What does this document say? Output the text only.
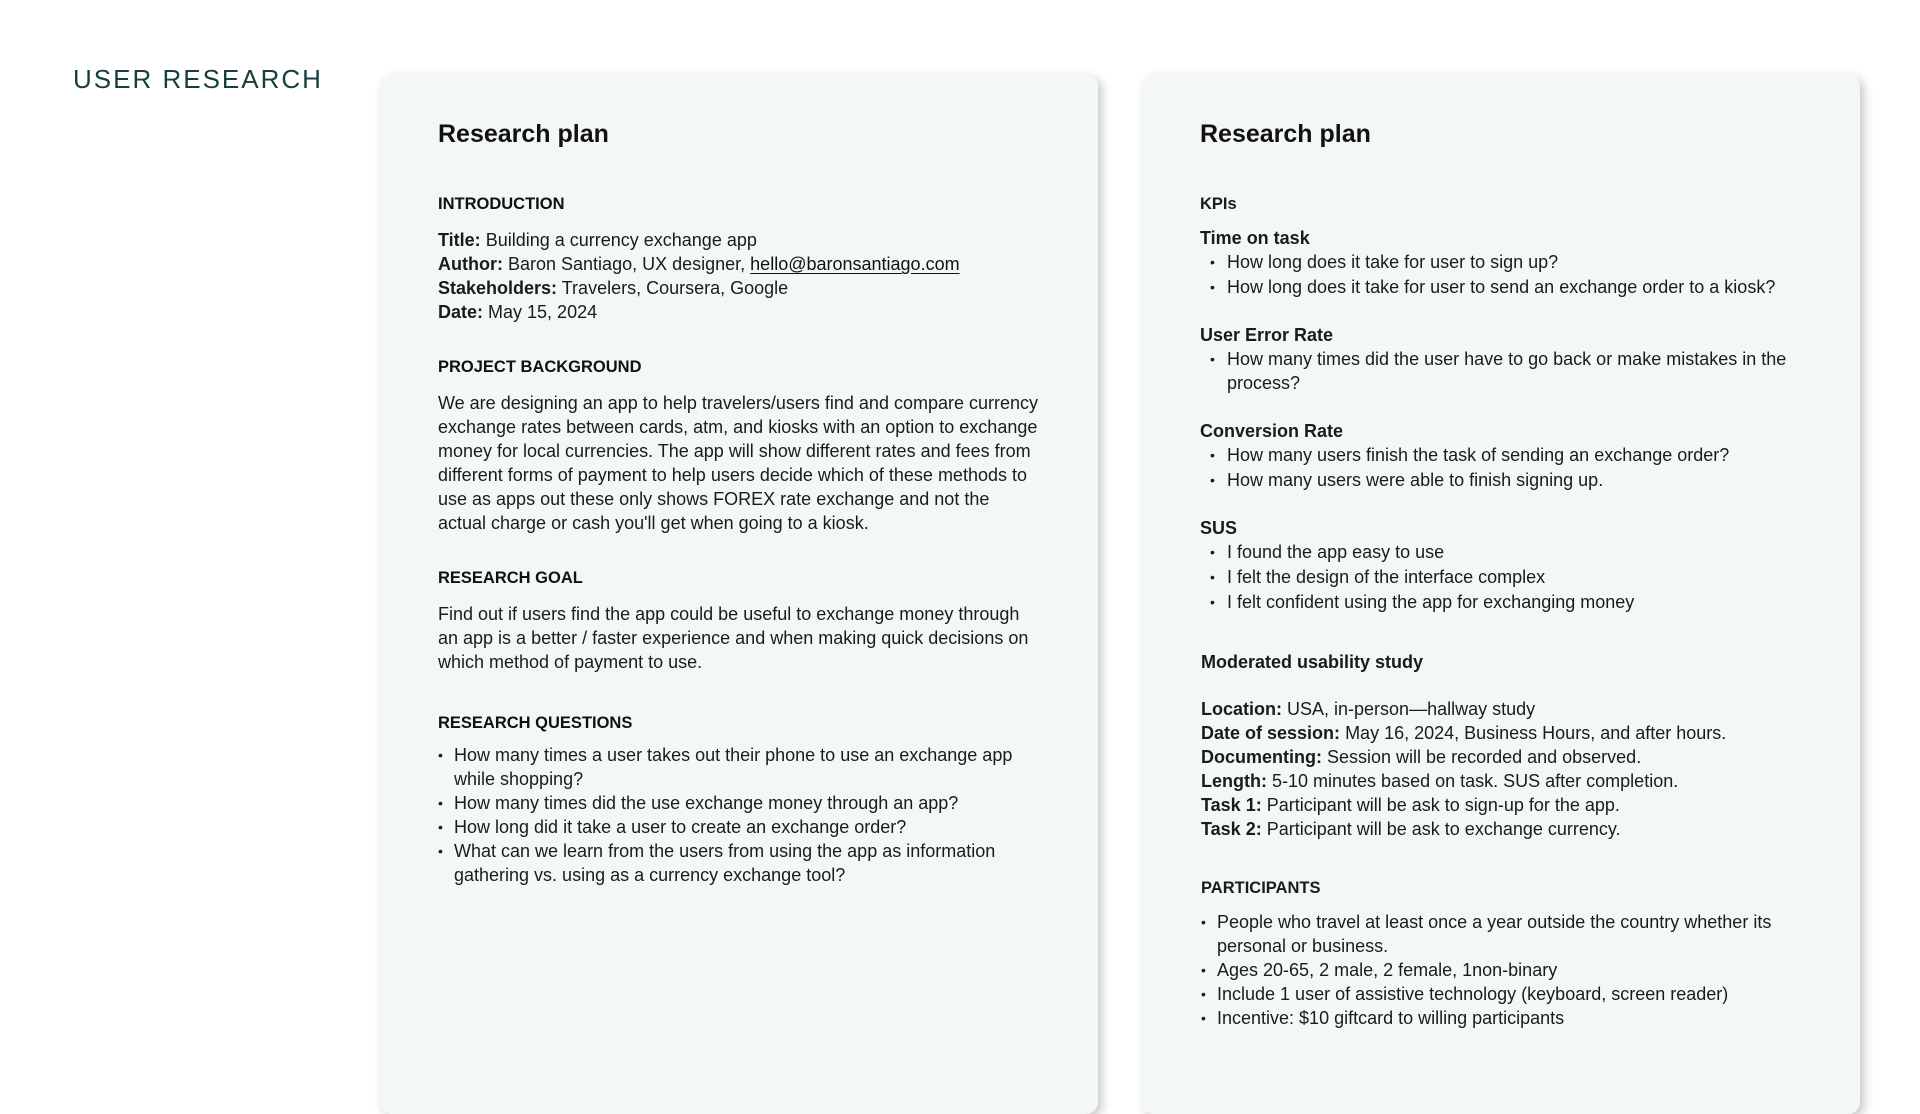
USER RESEARCH
Research plan
INTRODUCTION

Title: Building a currency exchange app

Author: Baron Santiago, UX designer, hello@baronsantiago.com

Stakeholders: Travelers, Coursera, Google

Date: May 15, 2024

PROJECT BACKGROUND

We are designing an app to help travelers/users find and compare currency exchange rates between cards, atm, and kiosks with an option to exchange money for local currencies. The app will show different rates and fees from different forms of payment to help users decide which of these methods to use as apps out these only shows FOREX rate exchange and not the actual charge or cash you'll get when going to a kiosk.

RESEARCH GOAL

Find out if users find the app could be useful to exchange money through an app is a better / faster experience and when making quick decisions on which method of payment to use.

RESEARCH QUESTIONS
• How many times a user takes out their phone to use an exchange app while shopping?
• How many times did the use exchange money through an app?
• How long did it take a user to create an exchange order?
• What can we learn from the users from using the app as information gathering vs. using as a currency exchange tool?
Research plan

KPIs

Time on task

• How long does it take for user to sign up?
• How long does it take for user to send an exchange order to a kiosk?

User Error Rate

• How many times did the user have to go back or make mistakes in the process?

Conversion Rate

• How many users finish the task of sending an exchange order?
• How many users were able to finish signing up.

SUS

• I found the app easy to use
• I felt the design of the interface complex
• I felt confident using the app for exchanging money

Moderated usability study

Location: USA, in-person—hallway study

Date of session: May 16, 2024, Business Hours, and after hours.

Documenting: Session will be recorded and observed.

Length: 5-10 minutes based on task. SUS after completion.

Task 1: Participant will be ask to sign-up for the app.

Task 2: Participant will be ask to exchange currency.

PARTICIPANTS

• People who travel at least once a year outside the country whether its personal or business.
• Ages 20-65, 2 male, 2 female, 1non-binary
• Include 1 user of assistive technology (keyboard, screen reader)
• Incentive: $10 giftcard to willing participants
